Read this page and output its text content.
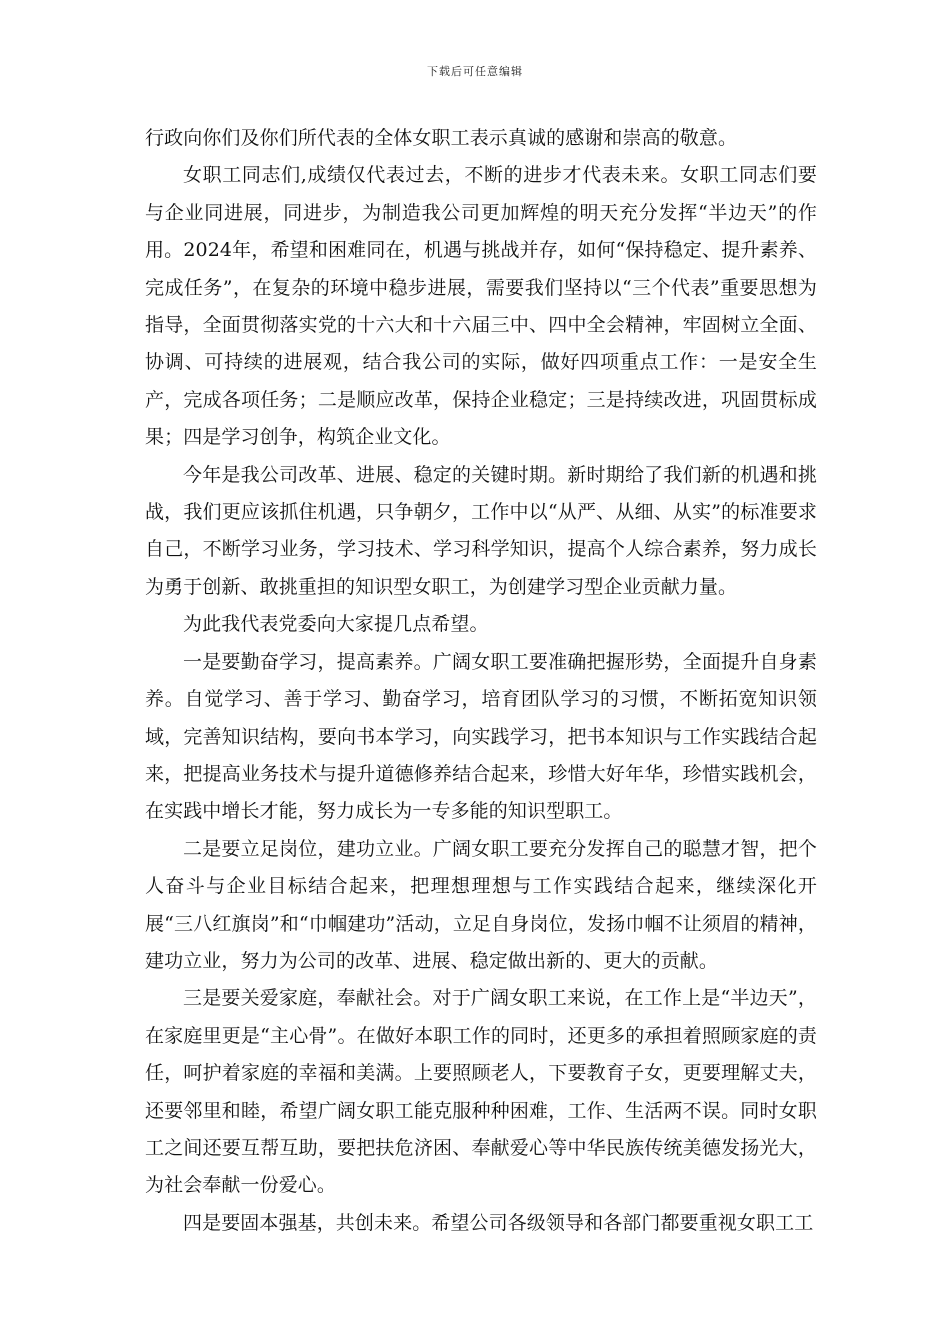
下载后可任意编辑

行政向你们及你们所代表的全体女职工表示真诚的感谢和崇高的敬意。

女职工同志们,成绩仅代表过去，不断的进步才代表未来。女职工同志们要与企业同进展，同进步，为制造我公司更加辉煌的明天充分发挥“半边天”的作用。2024年，希望和困难同在，机遇与挑战并存，如何“保持稳定、提升素养、完成任务”，在复杂的环境中稳步进展，需要我们坚持以“三个代表”重要思想为指导，全面贯彻落实党的十六大和十六届三中、四中全会精神，牢固树立全面、协调、可持续的进展观，结合我公司的实际，做好四项重点工作：一是安全生产，完成各项任务；二是顺应改革，保持企业稳定；三是持续改进，巩固贯标成果；四是学习创争，构筑企业文化。

今年是我公司改革、进展、稳定的关键时期。新时期给了我们新的机遇和挑战，我们更应该抓住机遇，只争朝夕，工作中以“从严、从细、从实”的标准要求自己，不断学习业务，学习技术、学习科学知识，提高个人综合素养，努力成长为勇于创新、敢挑重担的知识型女职工，为创建学习型企业贡献力量。

为此我代表党委向大家提几点希望。

一是要勤奋学习，提高素养。广阔女职工要准确把握形势，全面提升自身素养。自觉学习、善于学习、勤奋学习，培育团队学习的习惯，不断拓宽知识领域，完善知识结构，要向书本学习，向实践学习，把书本知识与工作实践结合起来，把提高业务技术与提升道德修养结合起来，珍惜大好年华，珍惜实践机会，在实践中增长才能，努力成长为一专多能的知识型职工。

二是要立足岗位，建功立业。广阔女职工要充分发挥自己的聪慧才智，把个人奋斗与企业目标结合起来，把理想理想与工作实践结合起来，继续深化开展“三八红旗岗”和“巾帼建功”活动，立足自身岗位，发扬巾帼不让须眉的精神，建功立业，努力为公司的改革、进展、稳定做出新的、更大的贡献。

三是要关爱家庭，奉献社会。对于广阔女职工来说，在工作上是“半边天”，在家庭里更是“主心骨”。在做好本职工作的同时，还更多的承担着照顾家庭的责任，呵护着家庭的幸福和美满。上要照顾老人，下要教育子女，更要理解丈夫，还要邻里和睦，希望广阔女职工能克服种种困难，工作、生活两不误。同时女职工之间还要互帮互助，要把扶危济困、奉献爱心等中华民族传统美德发扬光大，为社会奉献一份爱心。

四是要固本强基，共创未来。希望公司各级领导和各部门都要重视女职工工
